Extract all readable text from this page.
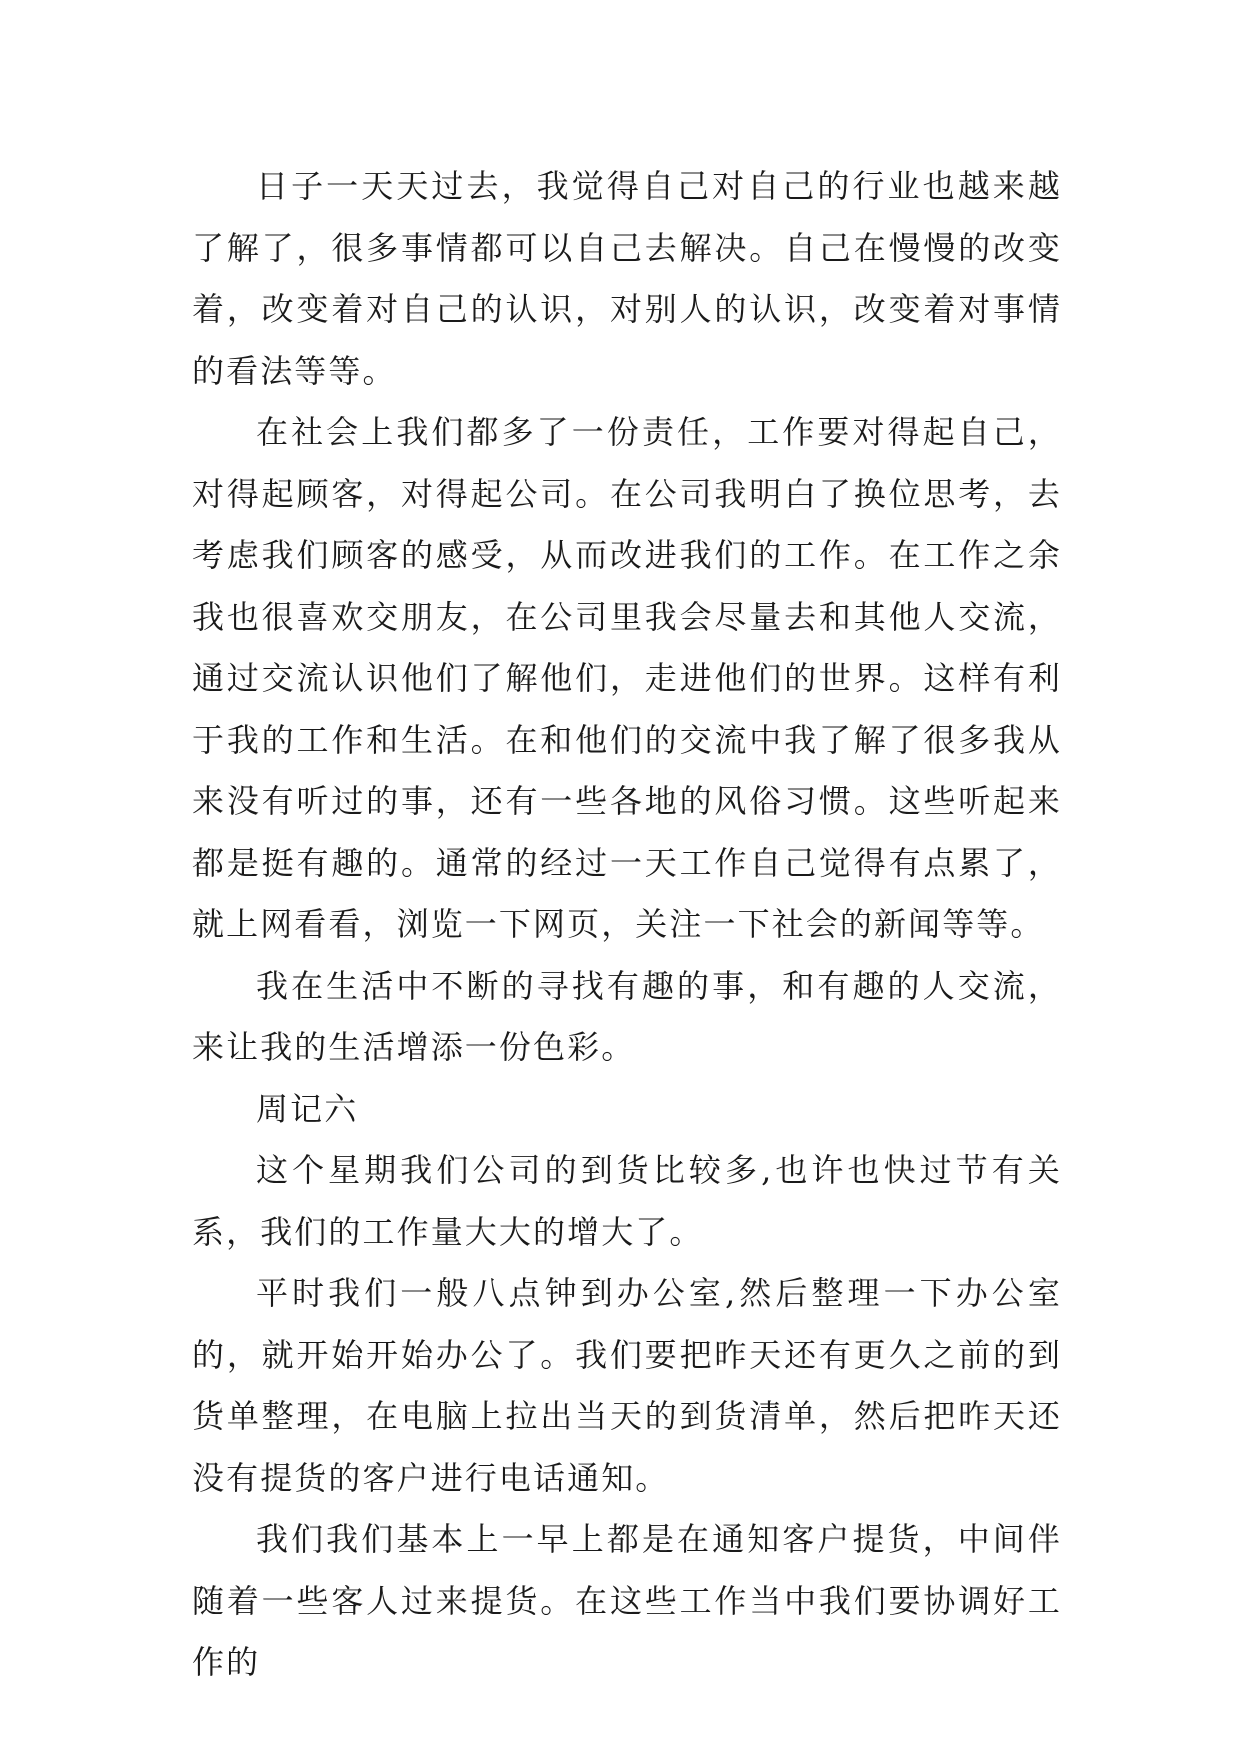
日子一天天过去，我觉得自己对自己的行业也越来越了解了，很多事情都可以自己去解决。自己在慢慢的改变着，改变着对自己的认识，对别人的认识，改变着对事情的看法等等。

在社会上我们都多了一份责任，工作要对得起自己，对得起顾客，对得起公司。在公司我明白了换位思考，去考虑我们顾客的感受，从而改进我们的工作。在工作之余我也很喜欢交朋友，在公司里我会尽量去和其他人交流，通过交流认识他们了解他们，走进他们的世界。这样有利于我的工作和生活。在和他们的交流中我了解了很多我从来没有听过的事，还有一些各地的风俗习惯。这些听起来都是挺有趣的。通常的经过一天工作自己觉得有点累了，就上网看看，浏览一下网页，关注一下社会的新闻等等。

我在生活中不断的寻找有趣的事，和有趣的人交流，来让我的生活增添一份色彩。

周记六

这个星期我们公司的到货比较多,也许也快过节有关系，我们的工作量大大的增大了。

平时我们一般八点钟到办公室,然后整理一下办公室的，就开始开始办公了。我们要把昨天还有更久之前的到货单整理，在电脑上拉出当天的到货清单，然后把昨天还没有提货的客户进行电话通知。

我们我们基本上一早上都是在通知客户提货，中间伴随着一些客人过来提货。在这些工作当中我们要协调好工作的
